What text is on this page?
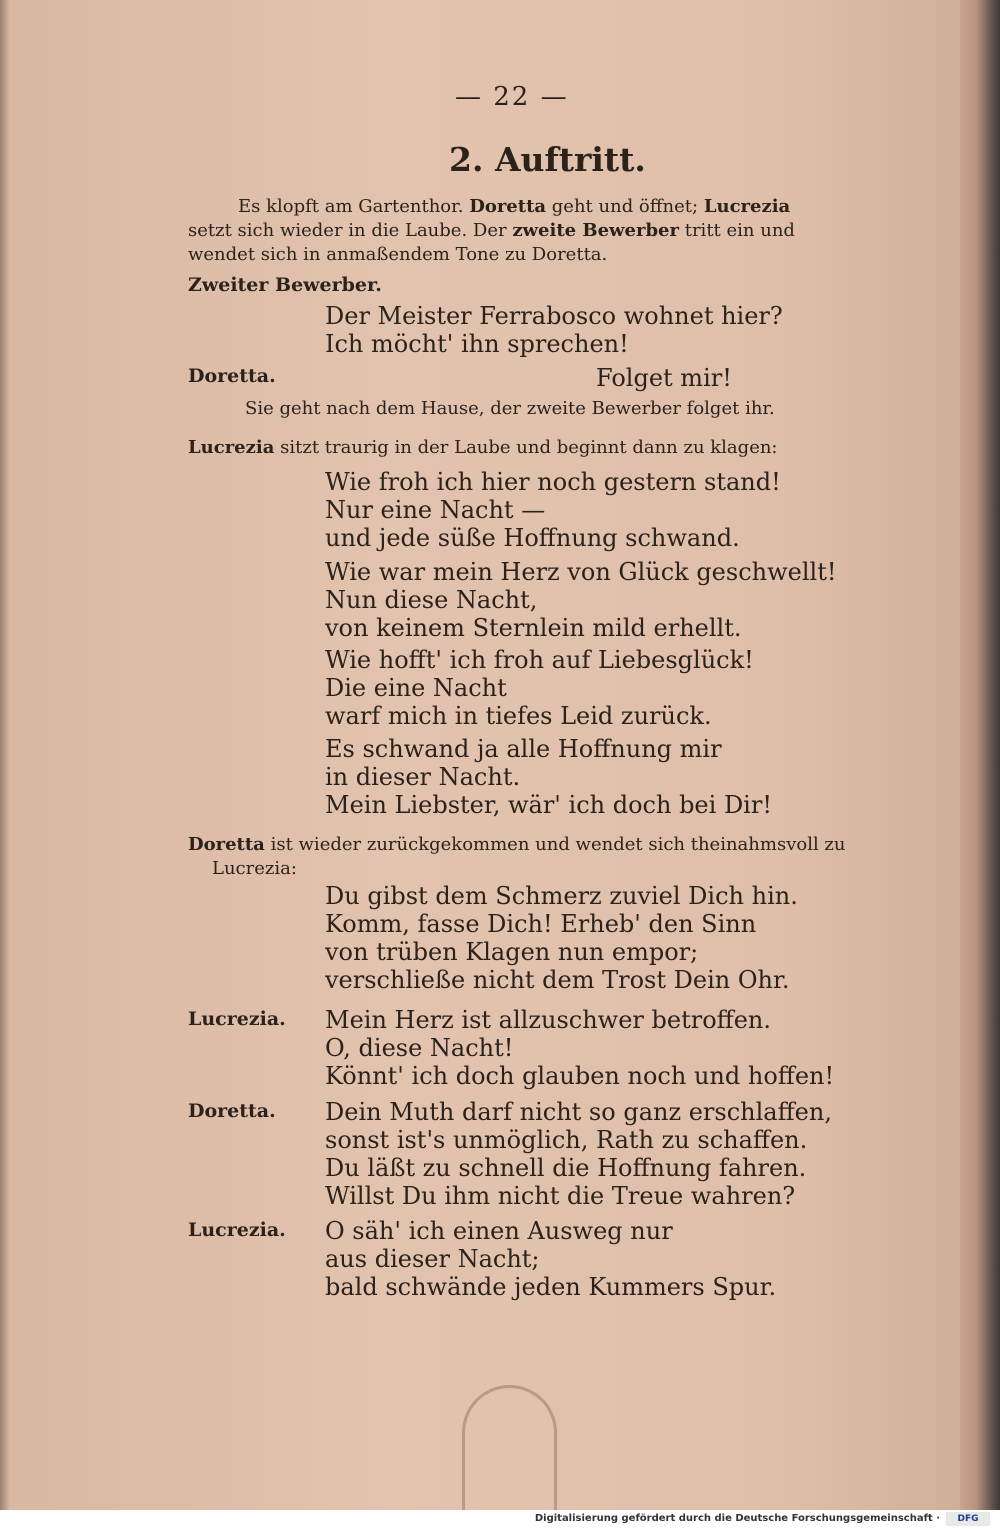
— 22 —
2. Auftritt.
Es klopft am Gartenthor. Doretta geht und öffnet; Lucrezia
setzt sich wieder in die Laube. Der zweite Bewerber tritt ein und
wendet sich in anmaßendem Tone zu Doretta.
Zweiter Bewerber.
Der Meister Ferrabosco wohnet hier?
Ich möcht' ihn sprechen!
Doretta.	Folget mir!
Sie geht nach dem Hause, der zweite Bewerber folget ihr.
Lucrezia sitzt traurig in der Laube und beginnt dann zu klagen:
Wie froh ich hier noch gestern stand!
Nur eine Nacht —
und jede süße Hoffnung schwand.
Wie war mein Herz von Glück geschwellt!
Nun diese Nacht,
von keinem Sternlein mild erhellt.
Wie hofft' ich froh auf Liebesglück!
Die eine Nacht
warf mich in tiefes Leid zurück.
Es schwand ja alle Hoffnung mir
in dieser Nacht.
Mein Liebster, wär' ich doch bei Dir!
Doretta ist wieder zurückgekommen und wendet sich theinahmsvoll zu
Lucrezia:
Du gibst dem Schmerz zuviel Dich hin.
Komm, fasse Dich! Erheb' den Sinn
von trüben Klagen nun empor;
verschließe nicht dem Trost Dein Ohr.
Lucrezia. Mein Herz ist allzuschwer betroffen.
O, diese Nacht!
Könnt' ich doch glauben noch und hoffen!
Doretta. Dein Muth darf nicht so ganz erschlaffen,
sonst ist's unmöglich, Rath zu schaffen.
Du läßt zu schnell die Hoffnung fahren.
Willst Du ihm nicht die Treue wahren?
Lucrezia. O säh' ich einen Ausweg nur
aus dieser Nacht;
bald schwände jeden Kummers Spur.
Digitalisierung gefördert durch die Deutsche Forschungsgemeinschaft ·	DFG
